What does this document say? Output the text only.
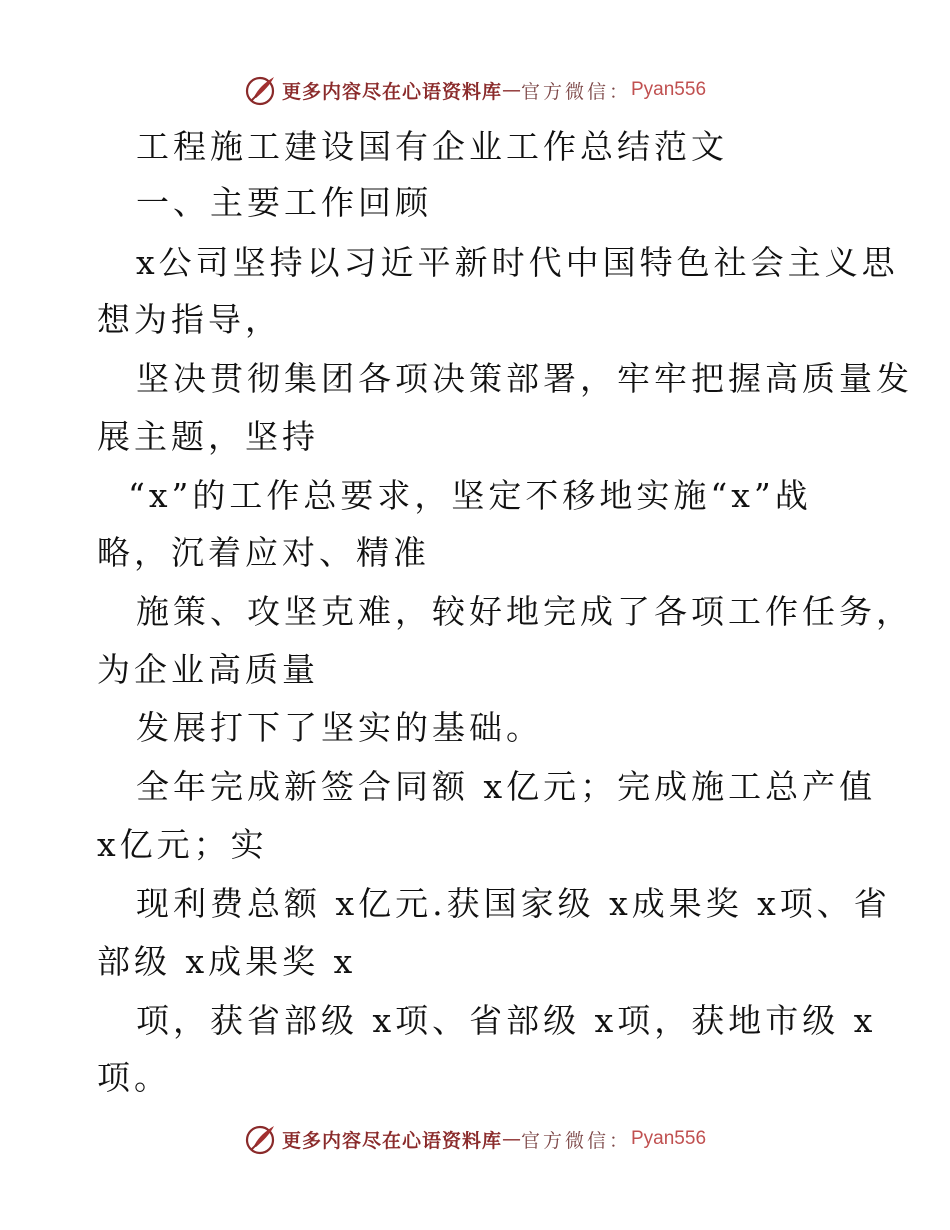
更多内容尽在心语资料库 — 官方微信： Pyan556
工程施工建设国有企业工作总结范文
一、主要工作回顾
x公司坚持以习近平新时代中国特色社会主义思
想为指导，
坚决贯彻集团各项决策部署，牢牢把握高质量发
展主题，坚持
“x”的工作总要求，坚定不移地实施“x”战
略，沉着应对、精准
施策、攻坚克难，较好地完成了各项工作任务，
为企业高质量
发展打下了坚实的基础。
全年完成新签合同额 x亿元；完成施工总产值
x亿元；实
现利费总额 x亿元.获国家级 x成果奖 x项、省
部级 x成果奖 x
项，获省部级 x项、省部级 x项，获地市级 x
项。
更多内容尽在心语资料库 — 官方微信： Pyan556
